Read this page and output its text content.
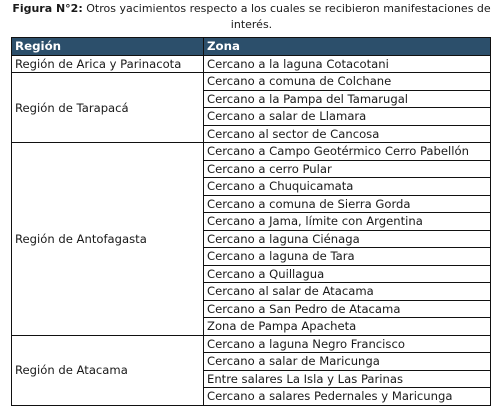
Figura N°2: Otros yacimientos respecto a los cuales se recibieron manifestaciones de interés.
Región	Zona
Región de Arica y Parinacota	Cercano a la laguna Cotacotani
Región de Tarapacá	Cercano a comuna de Colchane
	Cercano a la Pampa del Tamarugal
	Cercano a salar de Llamara
	Cercano al sector de Cancosa
Región de Antofagasta	Cercano a Campo Geotérmico Cerro Pabellón
	Cercano a cerro Pular
	Cercano a Chuquicamata
	Cercano a comuna de Sierra Gorda
	Cercano a Jama, límite con Argentina
	Cercano a laguna Ciénaga
	Cercano a laguna de Tara
	Cercano a Quillagua
	Cercano al salar de Atacama
	Cercano a San Pedro de Atacama
	Zona de Pampa Apacheta
Región de Atacama	Cercano a laguna Negro Francisco
	Cercano a salar de Maricunga
	Entre salares La Isla y Las Parinas
	Cercano a salares Pedernales y Maricunga
